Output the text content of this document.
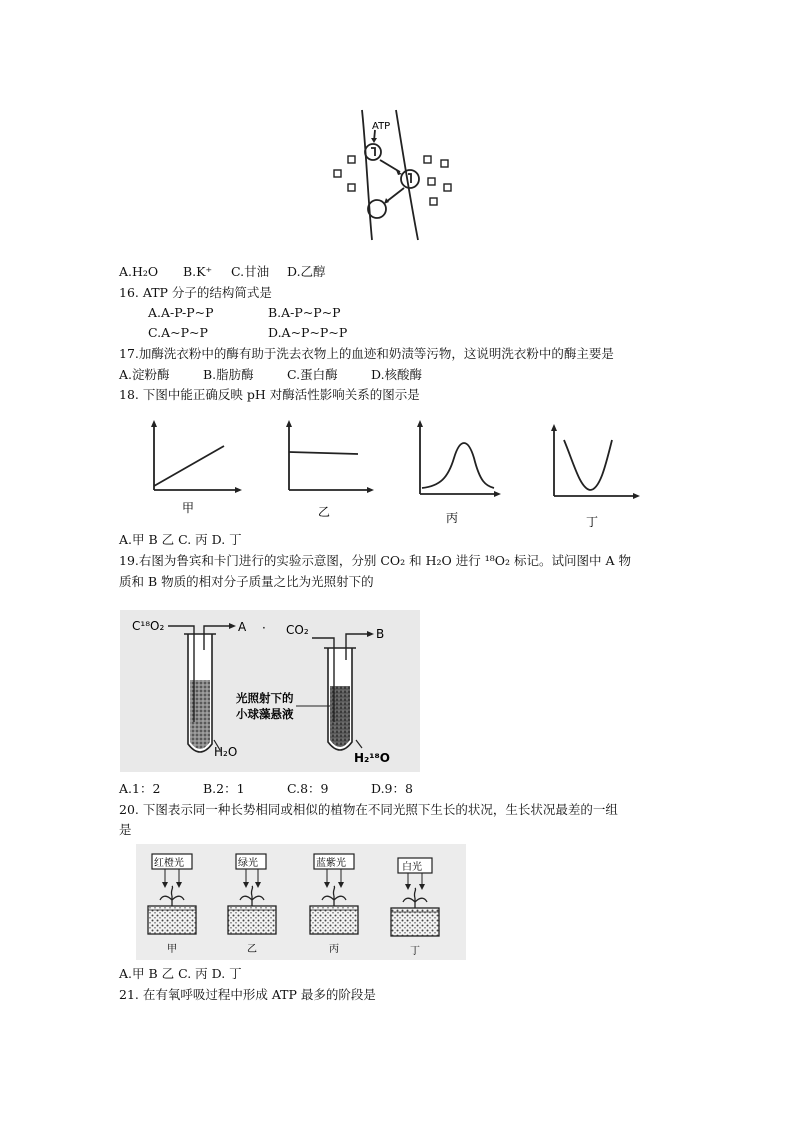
ATP
A.H₂O B.K⁺ C.甘油 D.乙醇
16. ATP 分子的结构简式是
A.A-P-P~P	B.A-P~P~P
C.A~P~P	D.A~P~P~P
17.加酶洗衣粉中的酶有助于洗去衣物上的血迹和奶渍等污物，这说明洗衣粉中的酶主要是
A.淀粉酶	B.脂肪酶	C.蛋白酶	D.核酸酶
18. 下图中能正确反映 pH 对酶活性影响关系的图示是
甲	乙	丙	丁
A.甲 B 乙 C. 丙 D. 丁
19.右图为鲁宾和卡门进行的实验示意图，分别 CO₂ 和 H₂O 进行 ¹⁸O₂ 标记。试问图中 A 物
质和 B 物质的相对分子质量之比为光照射下的
C¹⁸O₂	A · CO₂	B
光照射下的
小球藻悬液
H₂O	H₂¹⁸O
A.1：2	B.2：1	C.8：9	D.9：8
20. 下图表示同一种长势相同或相似的植物在不同光照下生长的状况，生长状况最差的一组
是
红橙光	绿光	蓝紫光	白光
甲	乙	丙	丁
A.甲 B 乙 C. 丙 D. 丁
21. 在有氧呼吸过程中形成 ATP 最多的阶段是
